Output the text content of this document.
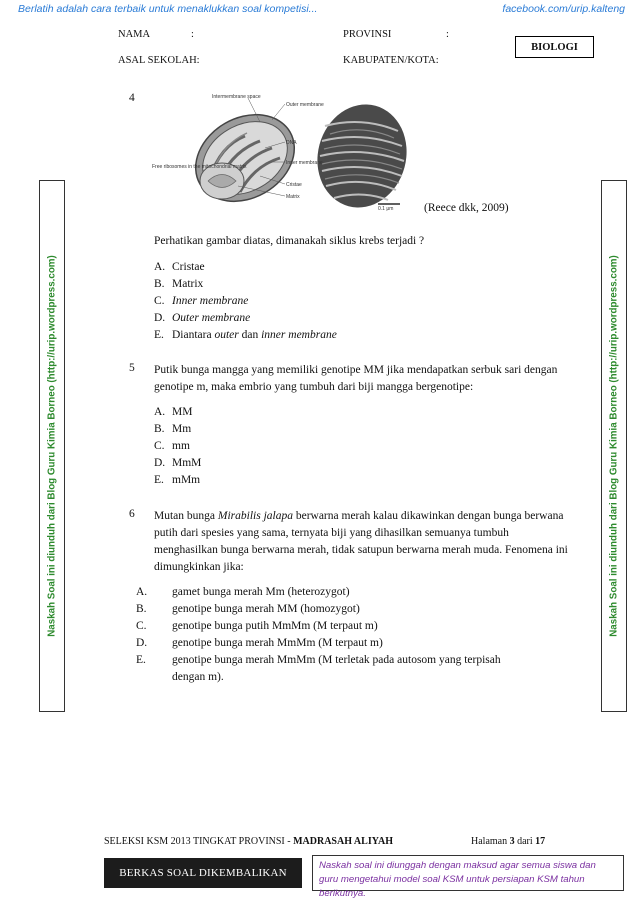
Berlatih adalah cara terbaik untuk menaklukkan soal kompetisi...	facebook.com/urip.kalteng
NAMA	:	PROVINSI	:
ASAL SEKOLAH:	KABUPATEN/KOTA:
BIOLOGI
Naskah Soal ini diunduh dari Blog Guru Kimia Borneo (http://urip.wordpress.com)	Naskah Soal ini diunduh dari Blog Guru Kimia Borneo (http://urip.wordpress.com)
4	Intermembrane space
Outer membrane
DNA
Inner membrane
Free ribosomes in the mitochondrial matrix
Cristae
Matrix
0.1 μm	(Reece dkk, 2009)
Perhatikan gambar diatas, dimanakah siklus krebs terjadi ?
A. Cristae
B. Matrix
C. Inner membrane
D. Outer membrane
E. Diantara outer dan inner membrane
5 Putik bunga mangga yang memiliki genotipe MM jika mendapatkan serbuk sari dengan genotipe m, maka embrio yang tumbuh dari biji mangga bergenotipe:
A. MM
B. Mm
C. mm
D. MmM
E. mMm
6 Mutan bunga Mirabilis jalapa berwarna merah kalau dikawinkan dengan bunga berwana putih dari spesies yang sama, ternyata biji yang dihasilkan semuanya tumbuh menghasilkan bunga berwarna merah, tidak satupun berwarna merah muda. Fenomena ini dimungkinkan jika:
A. gamet bunga merah Mm (heterozygot)
B. genotipe bunga merah MM (homozygot)
C. genotipe bunga putih MmMm (M terpaut m)
D. genotipe bunga merah MmMm (M terpaut m)
E. genotipe bunga merah MmMm (M terletak pada autosom yang terpisah dengan m).
SELEKSI KSM 2013 TINGKAT PROVINSI - MADRASAH ALIYAH	Halaman 3 dari 17
BERKAS SOAL DIKEMBALIKAN
Naskah soal ini diunggah dengan maksud agar semua siswa dan guru mengetahui model soal KSM untuk persiapan KSM tahun berikutnya.
